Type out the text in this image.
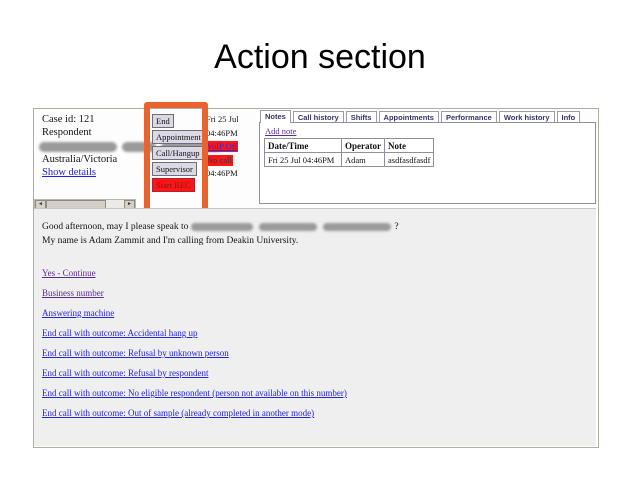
Action section
Case id: 121
Respondent
Australia/Victoria
Show details
◄	►
End
Appointment
Call/Hangup
Supervisor
Start REC
Fri 25 Jul
04:46PM
VoIP Off
No call
04:46PM
Notes	Call history	Shifts	Appointments	Performance	Work history	Info
Add note
Date/Time	Operator	Note
Fri 25 Jul 04:46PM	Adam	asdfasdfasdf
Good afternoon, may I please speak to	?
My name is Adam Zammit and I'm calling from Deakin University.
Yes - Continue
Business number
Answering machine
End call with outcome: Accidental hang up
End call with outcome: Refusal by unknown person
End call with outcome: Refusal by respondent
End call with outcome: No eligible respondent (person not available on this number)
End call with outcome: Out of sample (already completed in another mode)
